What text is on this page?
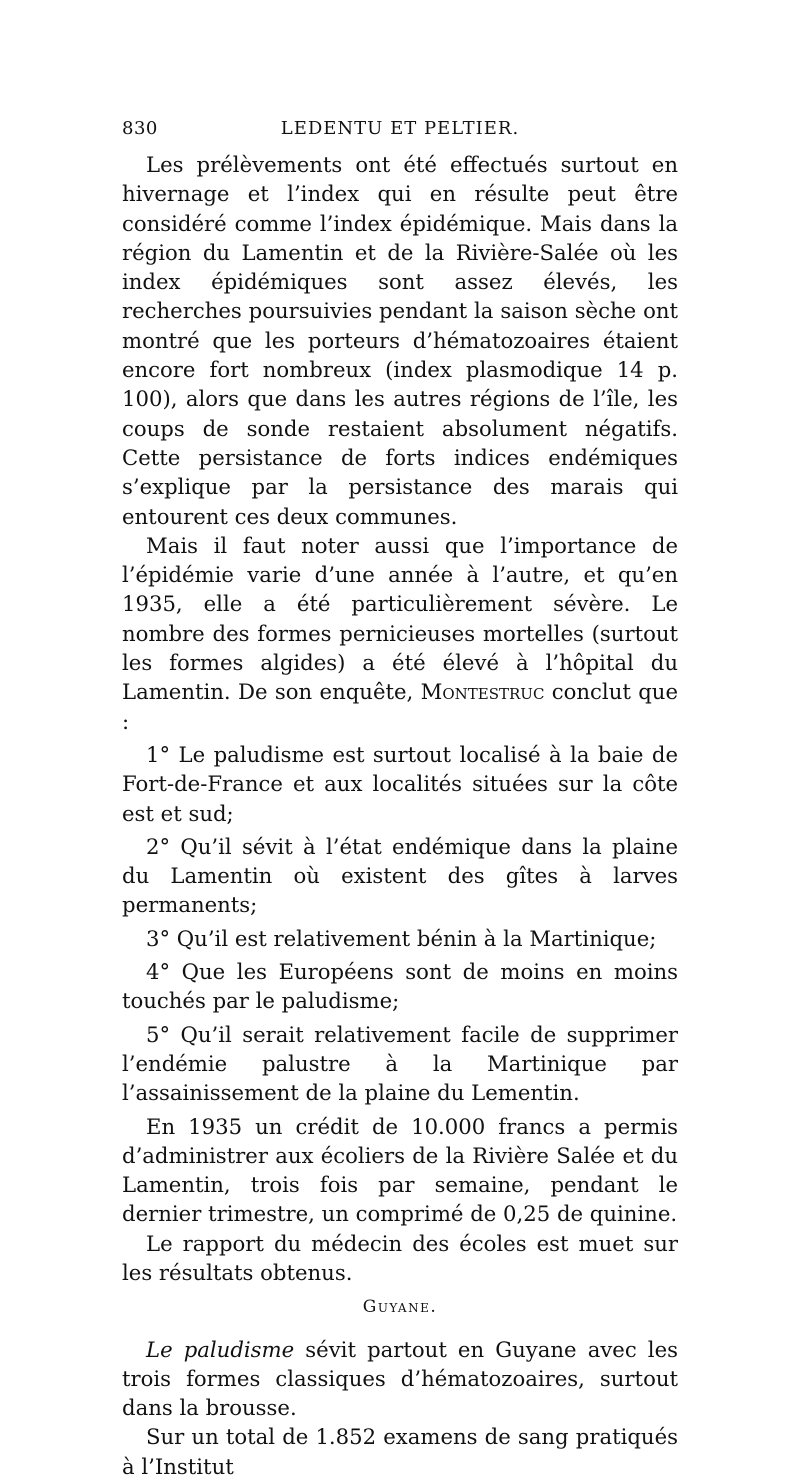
830	LEDENTU ET PELTIER.

Les prélèvements ont été effectués surtout en hivernage et l’index qui en résulte peut être considéré comme l’index épidémique. Mais dans la région du Lamentin et de la Rivière-Salée où les index épidémiques sont assez élevés, les recherches poursuivies pendant la saison sèche ont montré que les porteurs d’hématozoaires étaient encore fort nombreux (index plasmodique 14 p. 100), alors que dans les autres régions de l’île, les coups de sonde restaient absolument négatifs. Cette persistance de forts indices endémiques s’explique par la persistance des marais qui entourent ces deux communes.

Mais il faut noter aussi que l’importance de l’épidémie varie d’une année à l’autre, et qu’en 1935, elle a été particulièrement sévère. Le nombre des formes pernicieuses mortelles (surtout les formes algides) a été élevé à l’hôpital du Lamentin. De son enquête, Montestruc conclut que :

1° Le paludisme est surtout localisé à la baie de Fort-de-France et aux localités situées sur la côte est et sud;

2° Qu’il sévit à l’état endémique dans la plaine du Lamentin où existent des gîtes à larves permanents;

3° Qu’il est relativement bénin à la Martinique;

4° Que les Européens sont de moins en moins touchés par le paludisme;

5° Qu’il serait relativement facile de supprimer l’endémie palustre à la Martinique par l’assainissement de la plaine du Lementin.

En 1935 un crédit de 10.000 francs a permis d’administrer aux écoliers de la Rivière Salée et du Lamentin, trois fois par semaine, pendant le dernier trimestre, un comprimé de 0,25 de quinine.

Le rapport du médecin des écoles est muet sur les résultats obtenus.

Guyane.

Le paludisme sévit partout en Guyane avec les trois formes classiques d’hématozoaires, surtout dans la brousse.

Sur un total de 1.852 examens de sang pratiqués à l’Institut
